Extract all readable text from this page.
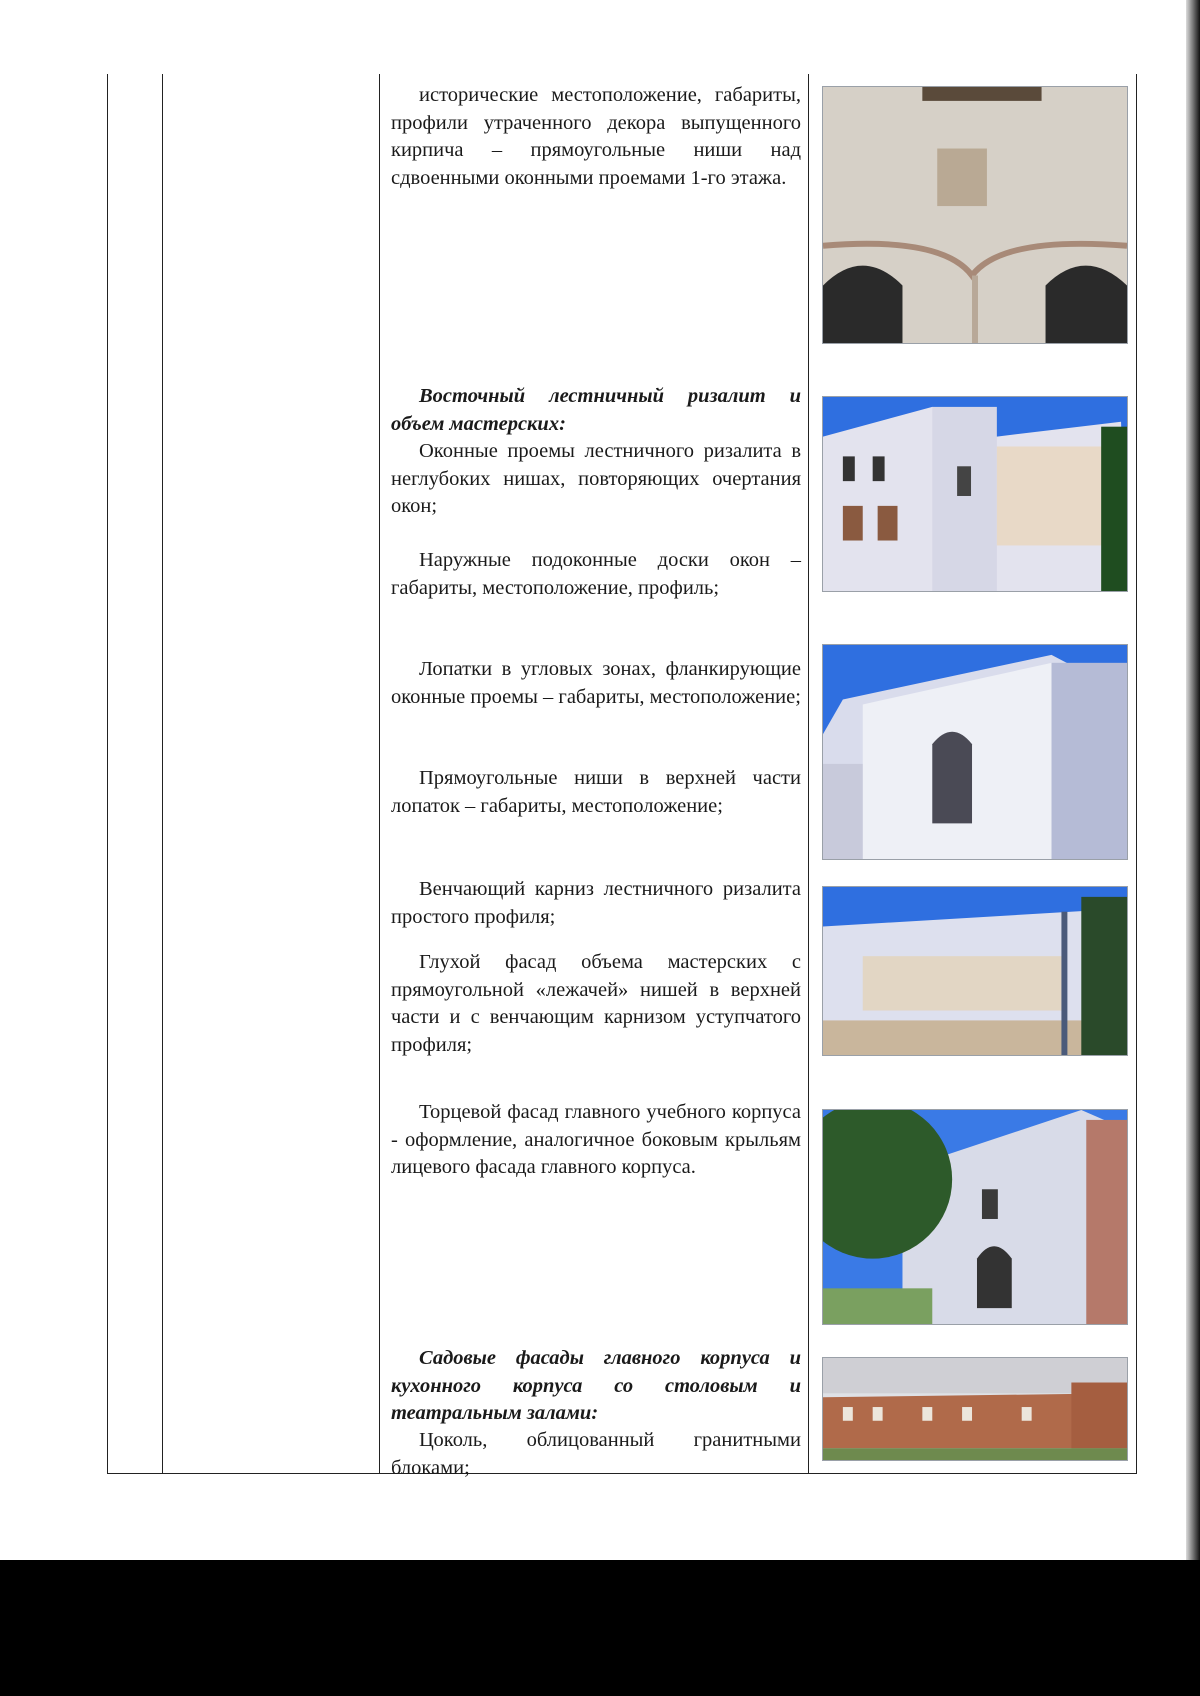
исторические местоположение, габариты, профили утраченного декора выпущенного кирпича – прямоугольные ниши над сдвоенными оконными проемами 1-го этажа.
Восточный лестничный ризалит и объем мастерских:
Оконные проемы лестничного ризалита в неглубоких нишах, повторяющих очертания окон;
Наружные подоконные доски окон – габариты, местоположение, профиль;
Лопатки в угловых зонах, фланкирующие оконные проемы – габариты, местоположение;
Прямоугольные ниши в верхней части лопаток – габариты, местоположение;
Венчающий карниз лестничного ризалита простого профиля;
Глухой фасад объема мастерских с прямоугольной «лежачей» нишей в верхней части и с венчающим карнизом уступчатого профиля;
Торцевой фасад главного учебного корпуса - оформление, аналогичное боковым крыльям лицевого фасада главного корпуса.
Садовые фасады главного корпуса и кухонного корпуса со столовым и театральным залами:
Цоколь, облицованный гранитными блоками;
